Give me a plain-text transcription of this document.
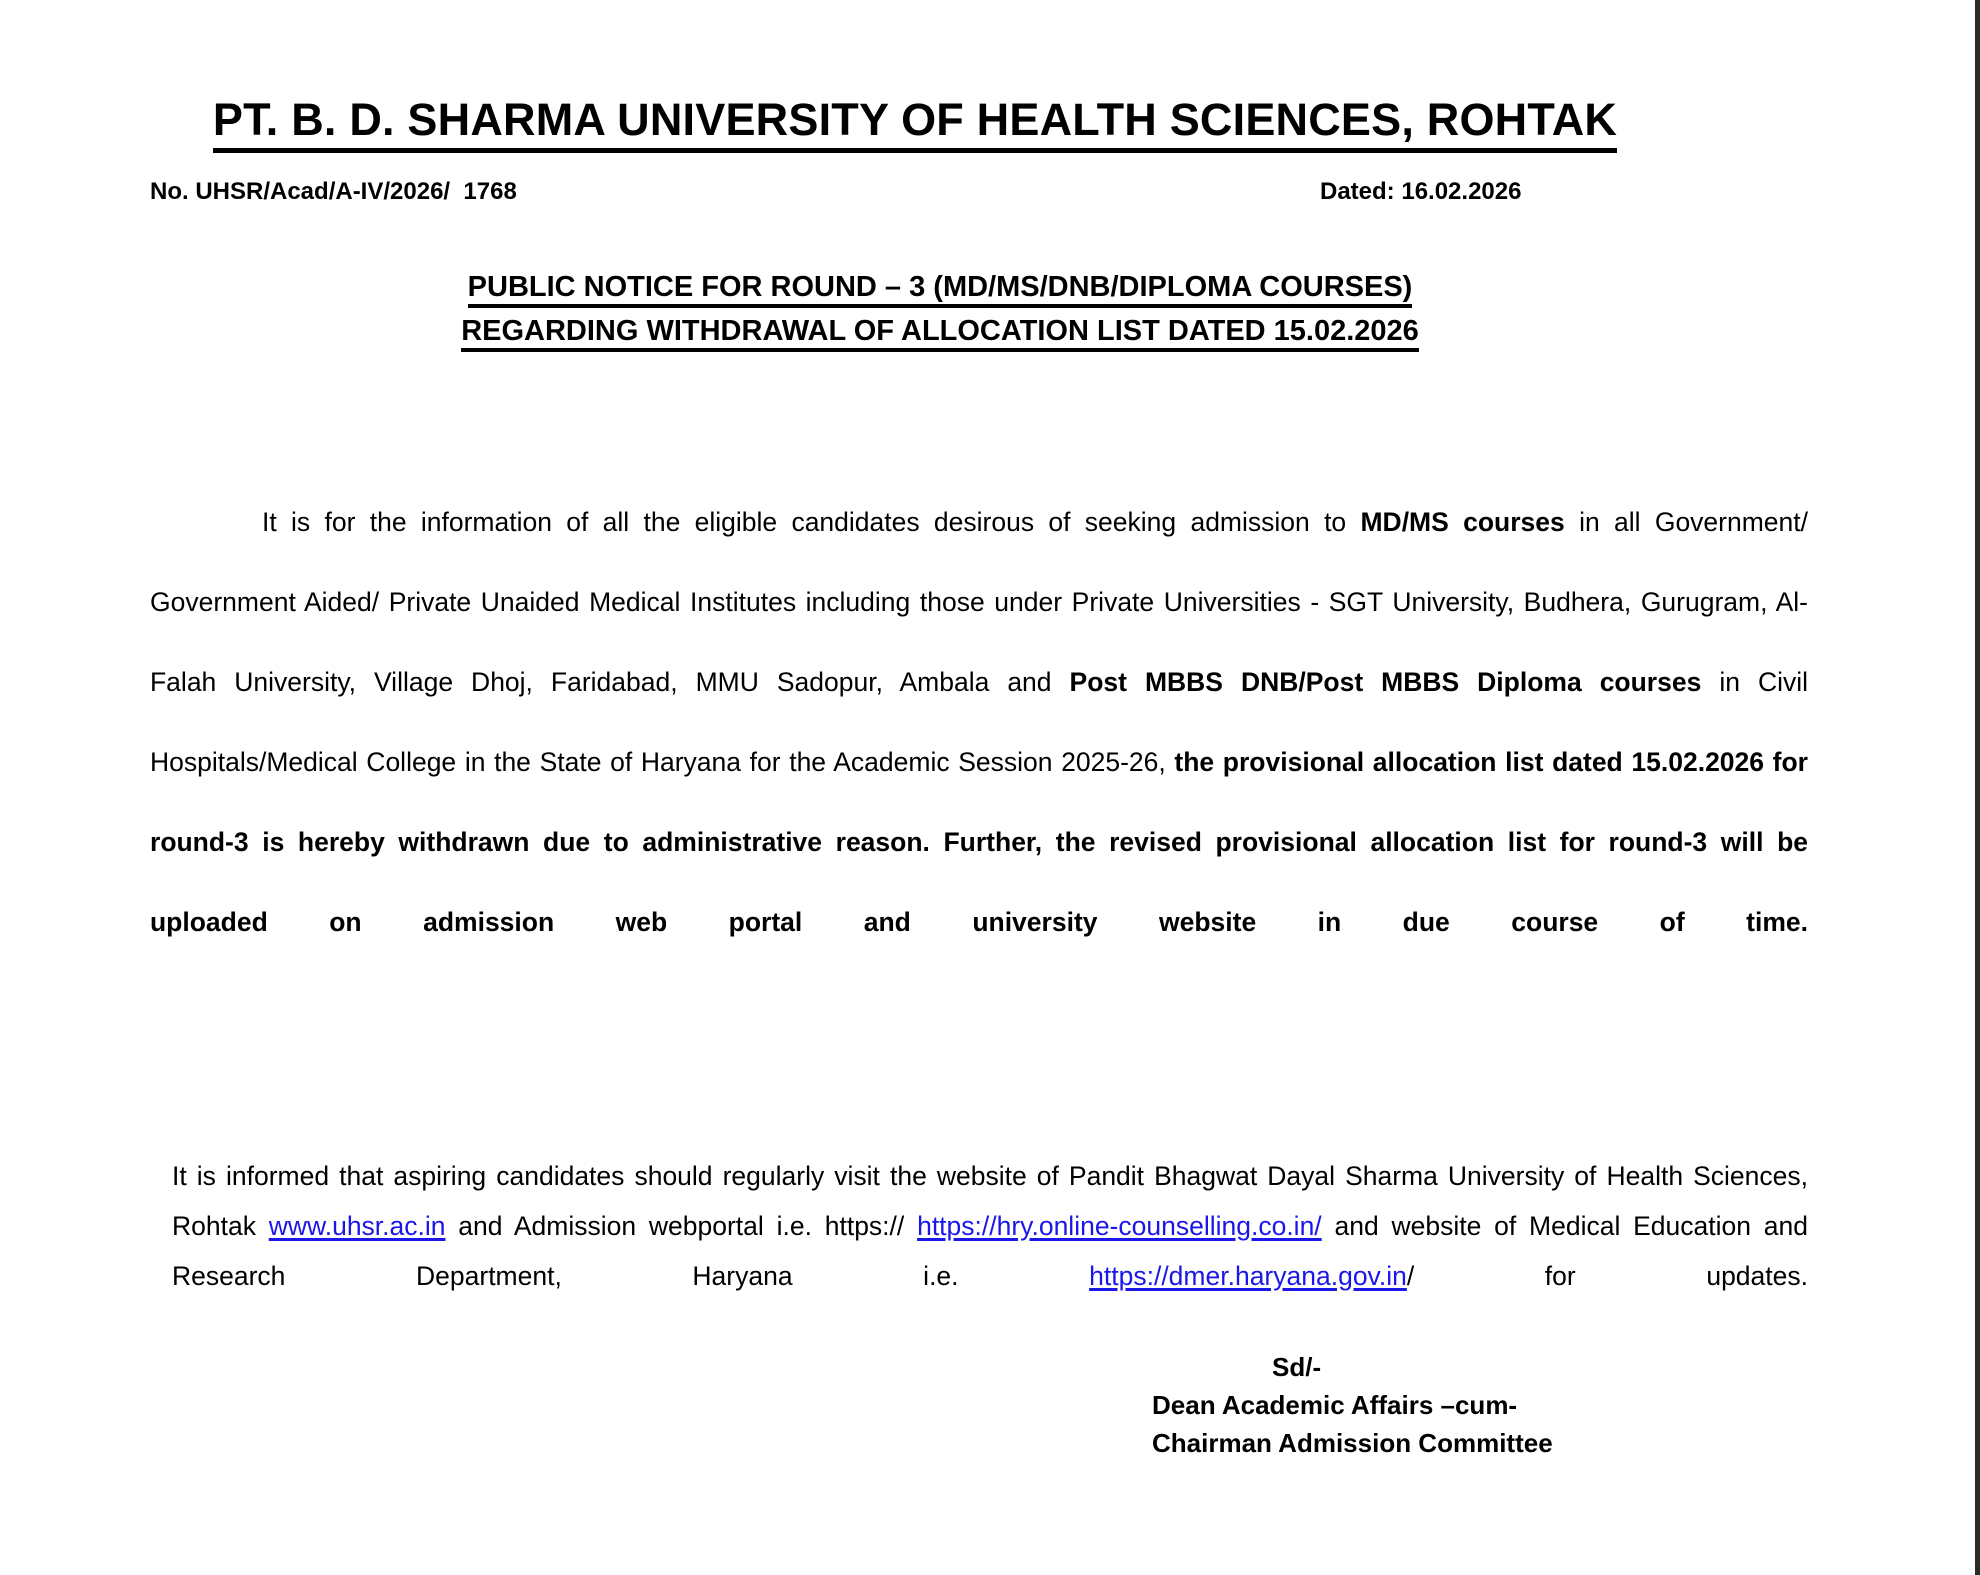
PT. B. D. SHARMA UNIVERSITY OF HEALTH SCIENCES, ROHTAK
No. UHSR/Acad/A-IV/2026/  1768	Dated: 16.02.2026
PUBLIC NOTICE FOR ROUND – 3 (MD/MS/DNB/DIPLOMA COURSES)
REGARDING WITHDRAWAL OF ALLOCATION LIST DATED 15.02.2026

It is for the information of all the eligible candidates desirous of seeking admission to MD/MS courses in all Government/ Government Aided/ Private Unaided Medical Institutes including those under Private Universities - SGT University, Budhera, Gurugram, Al-Falah University, Village Dhoj, Faridabad, MMU Sadopur, Ambala and Post MBBS DNB/Post MBBS Diploma courses in Civil Hospitals/Medical College in the State of Haryana for the Academic Session 2025-26, the provisional allocation list dated 15.02.2026 for round-3 is hereby withdrawn due to administrative reason. Further, the revised provisional allocation list for round-3 will be uploaded on admission web portal and university website in due course of time.

It is informed that aspiring candidates should regularly visit the website of Pandit Bhagwat Dayal Sharma University of Health Sciences, Rohtak www.uhsr.ac.in and Admission webportal i.e. https:// https://hry.online-counselling.co.in/ and website of Medical Education and Research Department, Haryana i.e. https://dmer.haryana.gov.in/ for updates.

Sd/-
Dean Academic Affairs –cum-
Chairman Admission Committee
